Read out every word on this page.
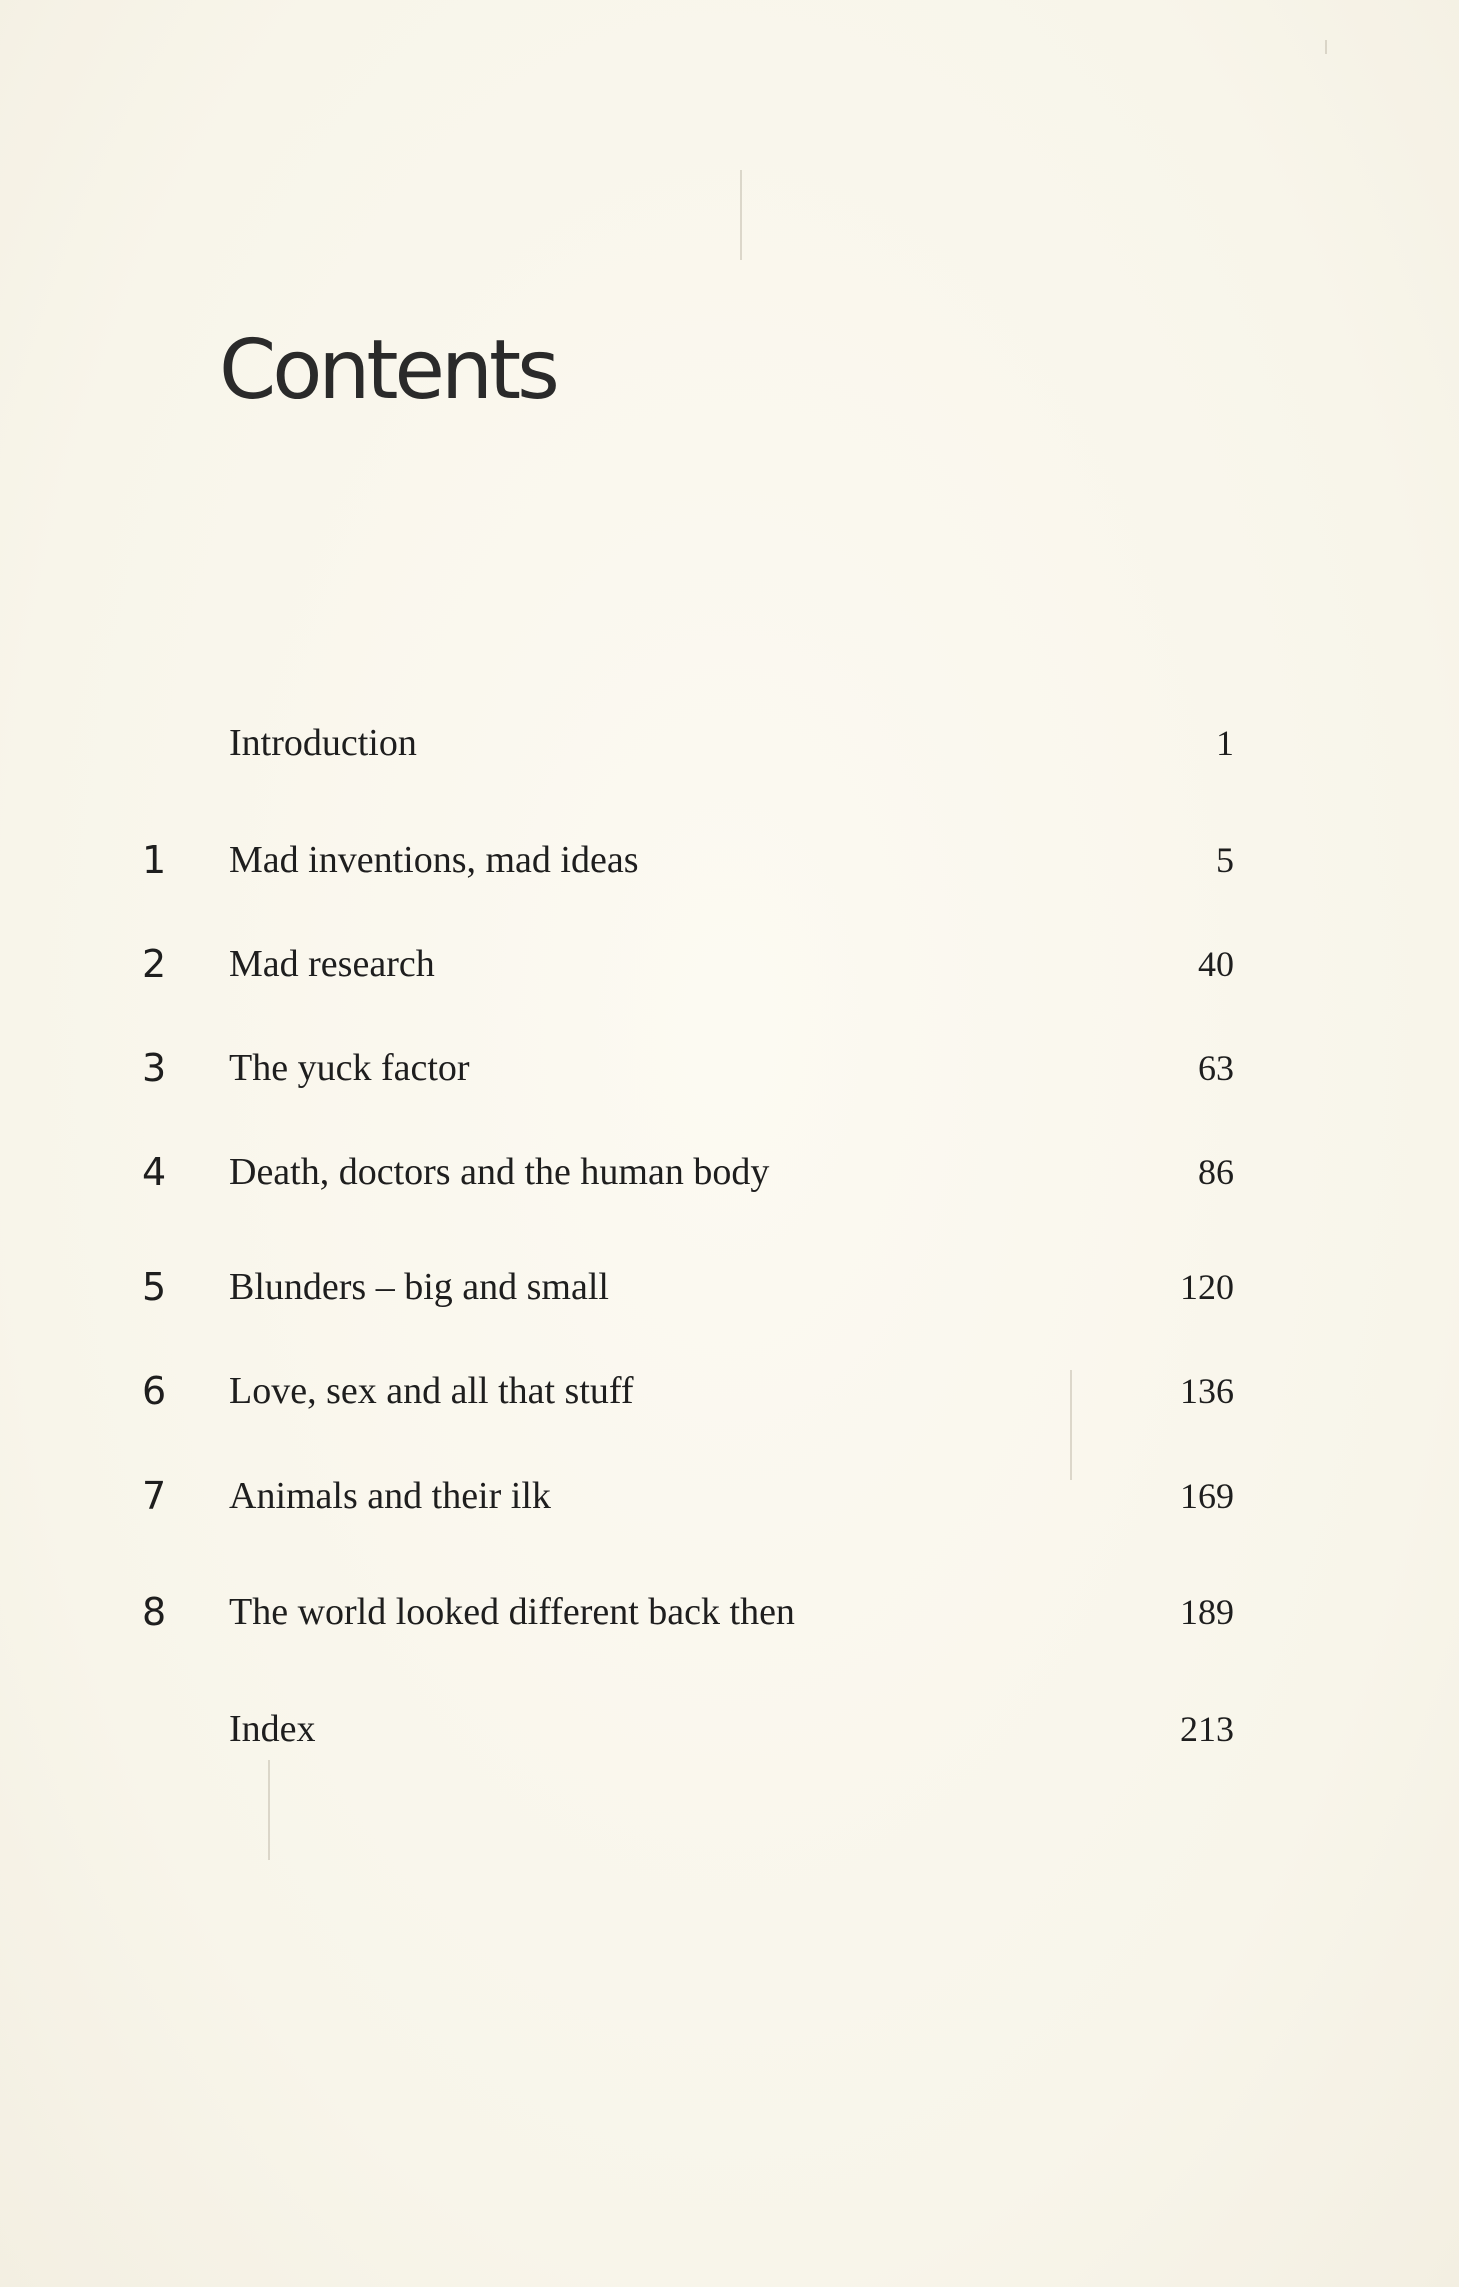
Contents
Introduction	1
1	Mad inventions, mad ideas	5
2	Mad research	40
3	The yuck factor	63
4	Death, doctors and the human body	86
5	Blunders – big and small	120
6	Love, sex and all that stuff	136
7	Animals and their ilk	169
8	The world looked different back then	189
Index	213
